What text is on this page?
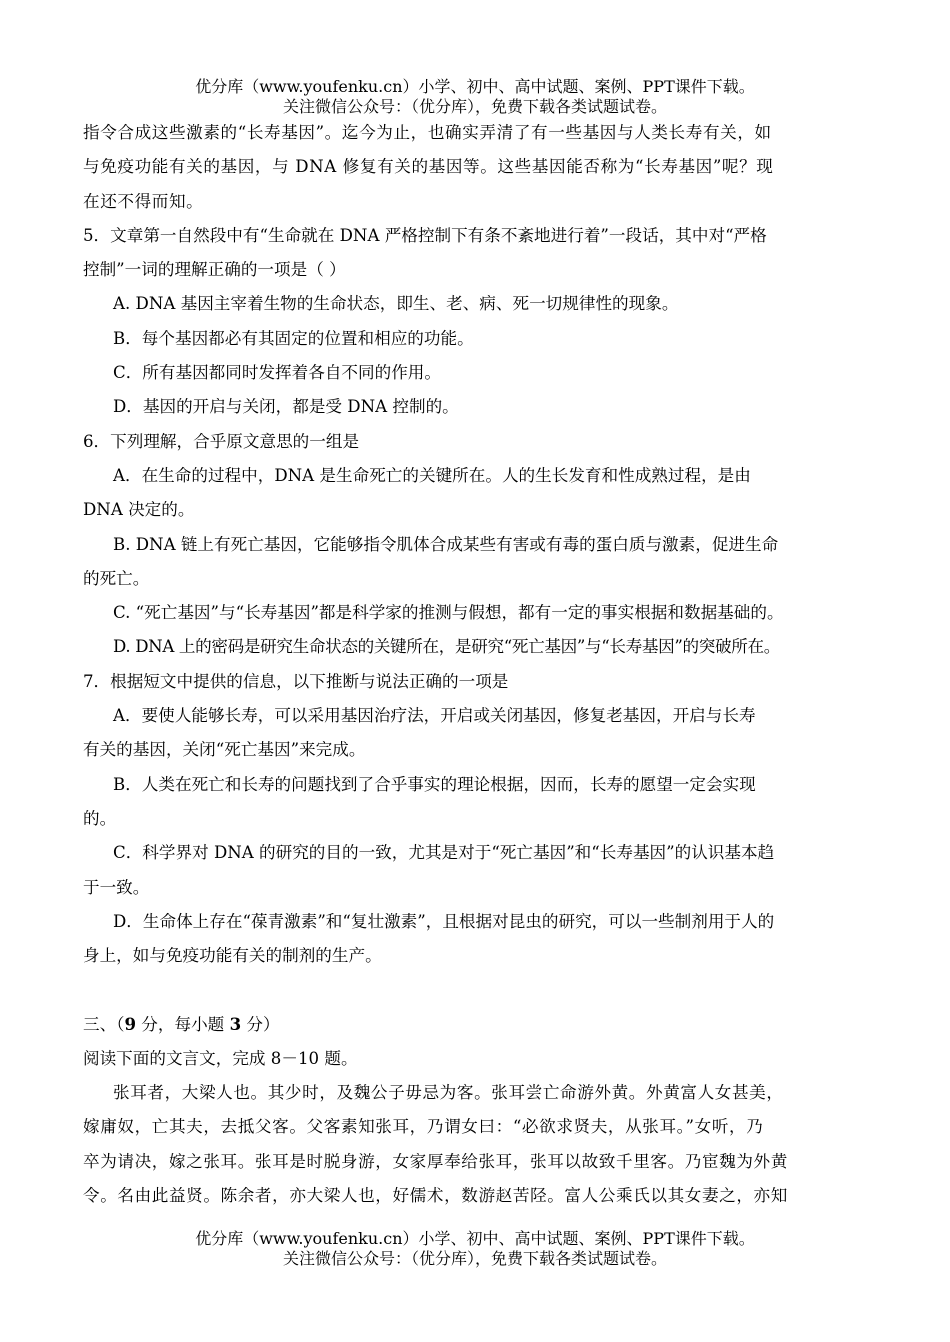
优分库（www.youfenku.cn）小学、初中、高中试题、案例、PPT课件下载。
关注微信公众号：（优分库），免费下载各类试题试卷。
指令合成这些激素的“长寿基因”。迄今为止，也确实弄清了有一些基因与人类长寿有关，如
与免疫功能有关的基因，与 DNA 修复有关的基因等。这些基因能否称为“长寿基因”呢？现
在还不得而知。
5．文章第一自然段中有“生命就在 DNA 严格控制下有条不紊地进行着”一段话，其中对“严格
控制”一词的理解正确的一项是（ ）
A. DNA 基因主宰着生物的生命状态，即生、老、病、死一切规律性的现象。
B．每个基因都必有其固定的位置和相应的功能。
C．所有基因都同时发挥着各自不同的作用。
D．基因的开启与关闭，都是受 DNA 控制的。
6．下列理解，合乎原文意思的一组是
A．在生命的过程中，DNA 是生命死亡的关键所在。人的生长发育和性成熟过程，是由
DNA 决定的。
B. DNA 链上有死亡基因，它能够指令肌体合成某些有害或有毒的蛋白质与激素，促进生命
的死亡。
C. “死亡基因”与“长寿基因”都是科学家的推测与假想，都有一定的事实根据和数据基础的。
D. DNA 上的密码是研究生命状态的关键所在，是研究“死亡基因”与“长寿基因”的突破所在。
7．根据短文中提供的信息，以下推断与说法正确的一项是
A．要使人能够长寿，可以采用基因治疗法，开启或关闭基因，修复老基因，开启与长寿
有关的基因，关闭“死亡基因”来完成。
B．人类在死亡和长寿的问题找到了合乎事实的理论根据，因而，长寿的愿望一定会实现
的。
C．科学界对 DNA 的研究的目的一致，尤其是对于“死亡基因”和“长寿基因”的认识基本趋
于一致。
D．生命体上存在“葆青激素”和“复壮激素”，且根据对昆虫的研究，可以一些制剂用于人的
身上，如与免疫功能有关的制剂的生产。
三、（9 分，每小题 3 分）
阅读下面的文言文，完成 8－10 题。
张耳者，大梁人也。其少时，及魏公子毋忌为客。张耳尝亡命游外黄。外黄富人女甚美，
嫁庸奴，亡其夫，去抵父客。父客素知张耳，乃谓女曰：“必欲求贤夫，从张耳。”女听，乃
卒为请决，嫁之张耳。张耳是时脱身游，女家厚奉给张耳，张耳以故致千里客。乃宦魏为外黄
令。名由此益贤。陈余者，亦大梁人也，好儒术，数游赵苦陉。富人公乘氏以其女妻之，亦知
优分库（www.youfenku.cn）小学、初中、高中试题、案例、PPT课件下载。
关注微信公众号：（优分库），免费下载各类试题试卷。
